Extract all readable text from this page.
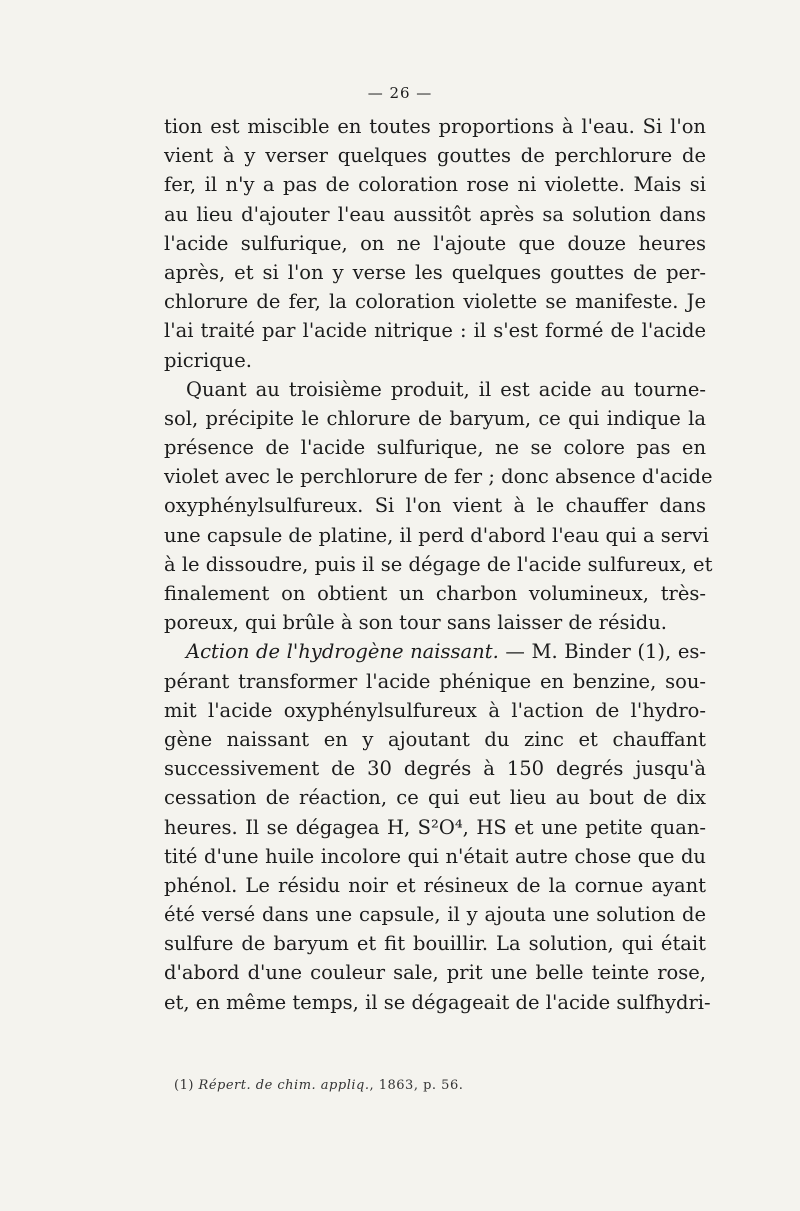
— 26 —
tion est miscible en toutes proportions à l'eau. Si l'on
vient à y verser quelques gouttes de perchlorure de
fer, il n'y a pas de coloration rose ni violette. Mais si
au lieu d'ajouter l'eau aussitôt après sa solution dans
l'acide sulfurique, on ne l'ajoute que douze heures
après, et si l'on y verse les quelques gouttes de per-
chlorure de fer, la coloration violette se manifeste. Je
l'ai traité par l'acide nitrique : il s'est formé de l'acide
picrique.
Quant au troisième produit, il est acide au tourne-
sol, précipite le chlorure de baryum, ce qui indique la
présence de l'acide sulfurique, ne se colore pas en
violet avec le perchlorure de fer ; donc absence d'acide
oxyphénylsulfureux. Si l'on vient à le chauffer dans
une capsule de platine, il perd d'abord l'eau qui a servi
à le dissoudre, puis il se dégage de l'acide sulfureux, et
finalement on obtient un charbon volumineux, très-
poreux, qui brûle à son tour sans laisser de résidu.
Action de l'hydrogène naissant. — M. Binder (1), es-
pérant transformer l'acide phénique en benzine, sou-
mit l'acide oxyphénylsulfureux à l'action de l'hydro-
gène naissant en y ajoutant du zinc et chauffant
successivement de 30 degrés à 150 degrés jusqu'à
cessation de réaction, ce qui eut lieu au bout de dix
heures. Il se dégagea H, S²O⁴, HS et une petite quan-
tité d'une huile incolore qui n'était autre chose que du
phénol. Le résidu noir et résineux de la cornue ayant
été versé dans une capsule, il y ajouta une solution de
sulfure de baryum et fit bouillir. La solution, qui était
d'abord d'une couleur sale, prit une belle teinte rose,
et, en même temps, il se dégageait de l'acide sulfhydri-
(1) Répert. de chim. appliq., 1863, p. 56.
